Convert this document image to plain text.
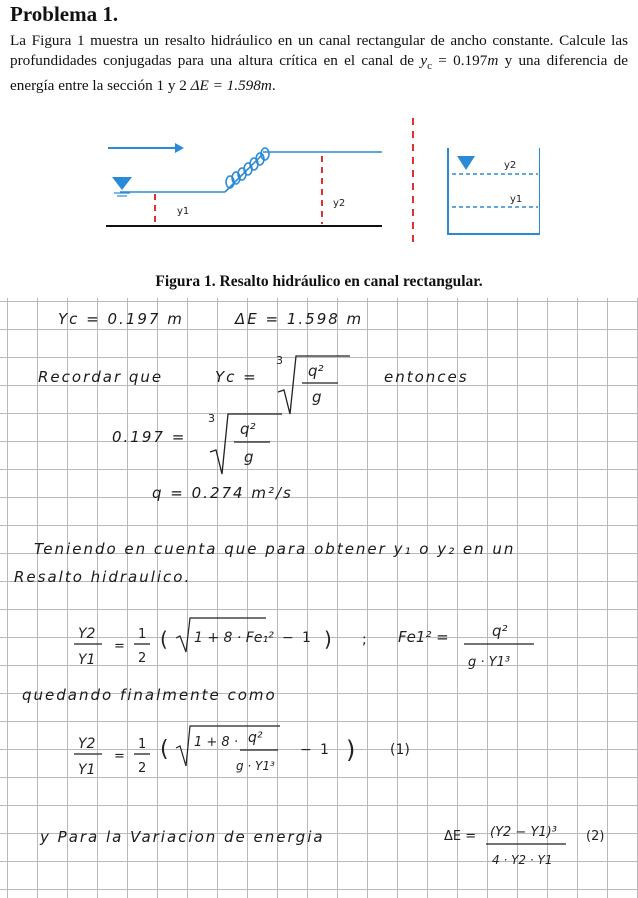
Problema 1.
La Figura 1 muestra un resalto hidráulico en un canal rectangular de ancho constante. Calcule las profundidades conjugadas para una altura crítica en el canal de $y_c = 0.197m$ y una diferencia de energía entre la sección 1 y 2 ΔE = 1.598m.
y1
y2
y2
y1
Figura 1. Resalto hidráulico en canal rectangular.
Yc = 0.197 m	ΔE = 1.598 m
Recordar que	Yc =
3
q²
g
entonces
0.197 =
3
q²
g
q = 0.274 m²/s
Teniendo en cuenta que para obtener y₁ o y₂ en un
Resalto hidraulico.
Y2
Y1
=
1
2
( 1 + 8 · Fe₁² − 1 ) ; Fe1² =	q²
g · Y1³
quedando finalmente como
Y2
Y1
=
1
2
( 1 + 8 · q²
g · Y1³
− 1 ) (1)
y Para la Variacion de energia	ΔE = (Y2 − Y1)³
4 · Y2 · Y1
(2)
